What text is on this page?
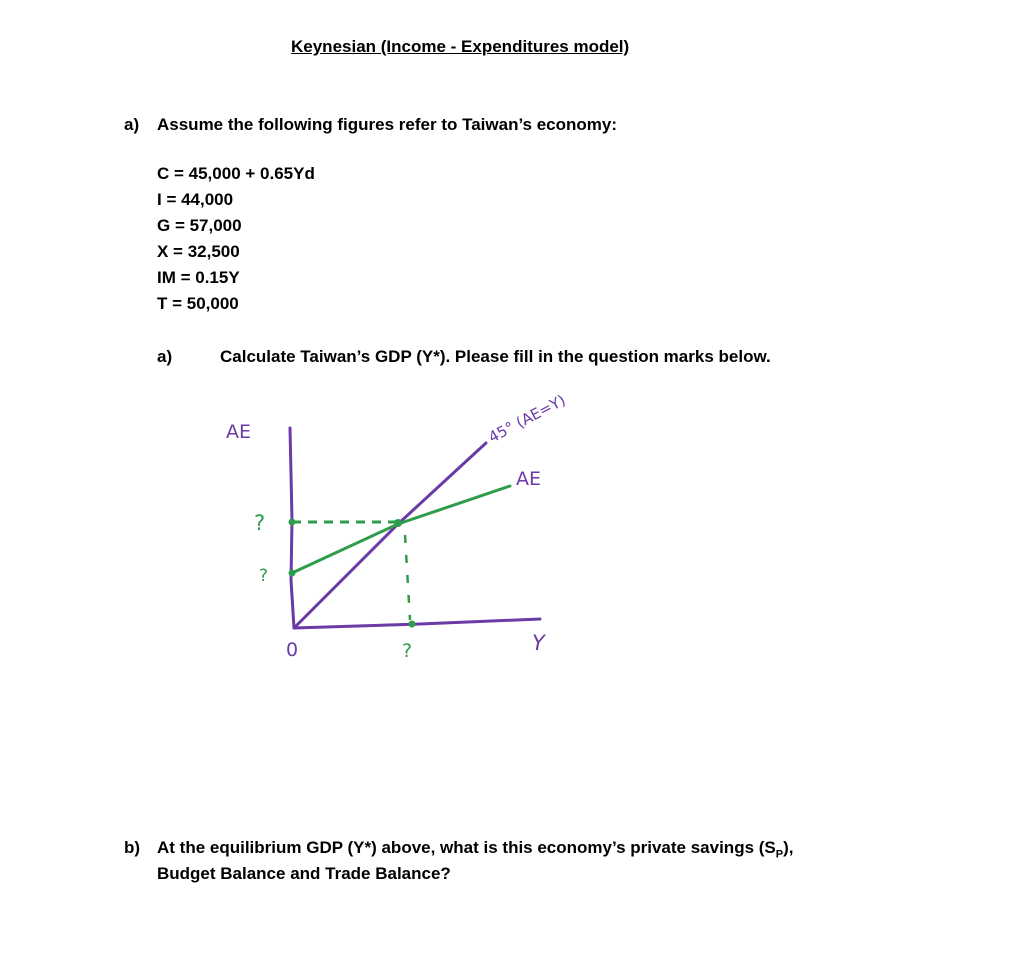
Keynesian (Income - Expenditures model)
a) Assume the following figures refer to Taiwan’s economy:
C = 45,000 + 0.65Yd
I = 44,000
G = 57,000
X = 32,500
IM = 0.15Y
T = 50,000
a)	Calculate Taiwan’s GDP (Y*). Please fill in the question marks below.
AE	45° (AE=Y)
AE
?
?
0	?	Y
b) At the equilibrium GDP (Y*) above, what is this economy’s private savings $(S_P)$,
Budget Balance and Trade Balance?
